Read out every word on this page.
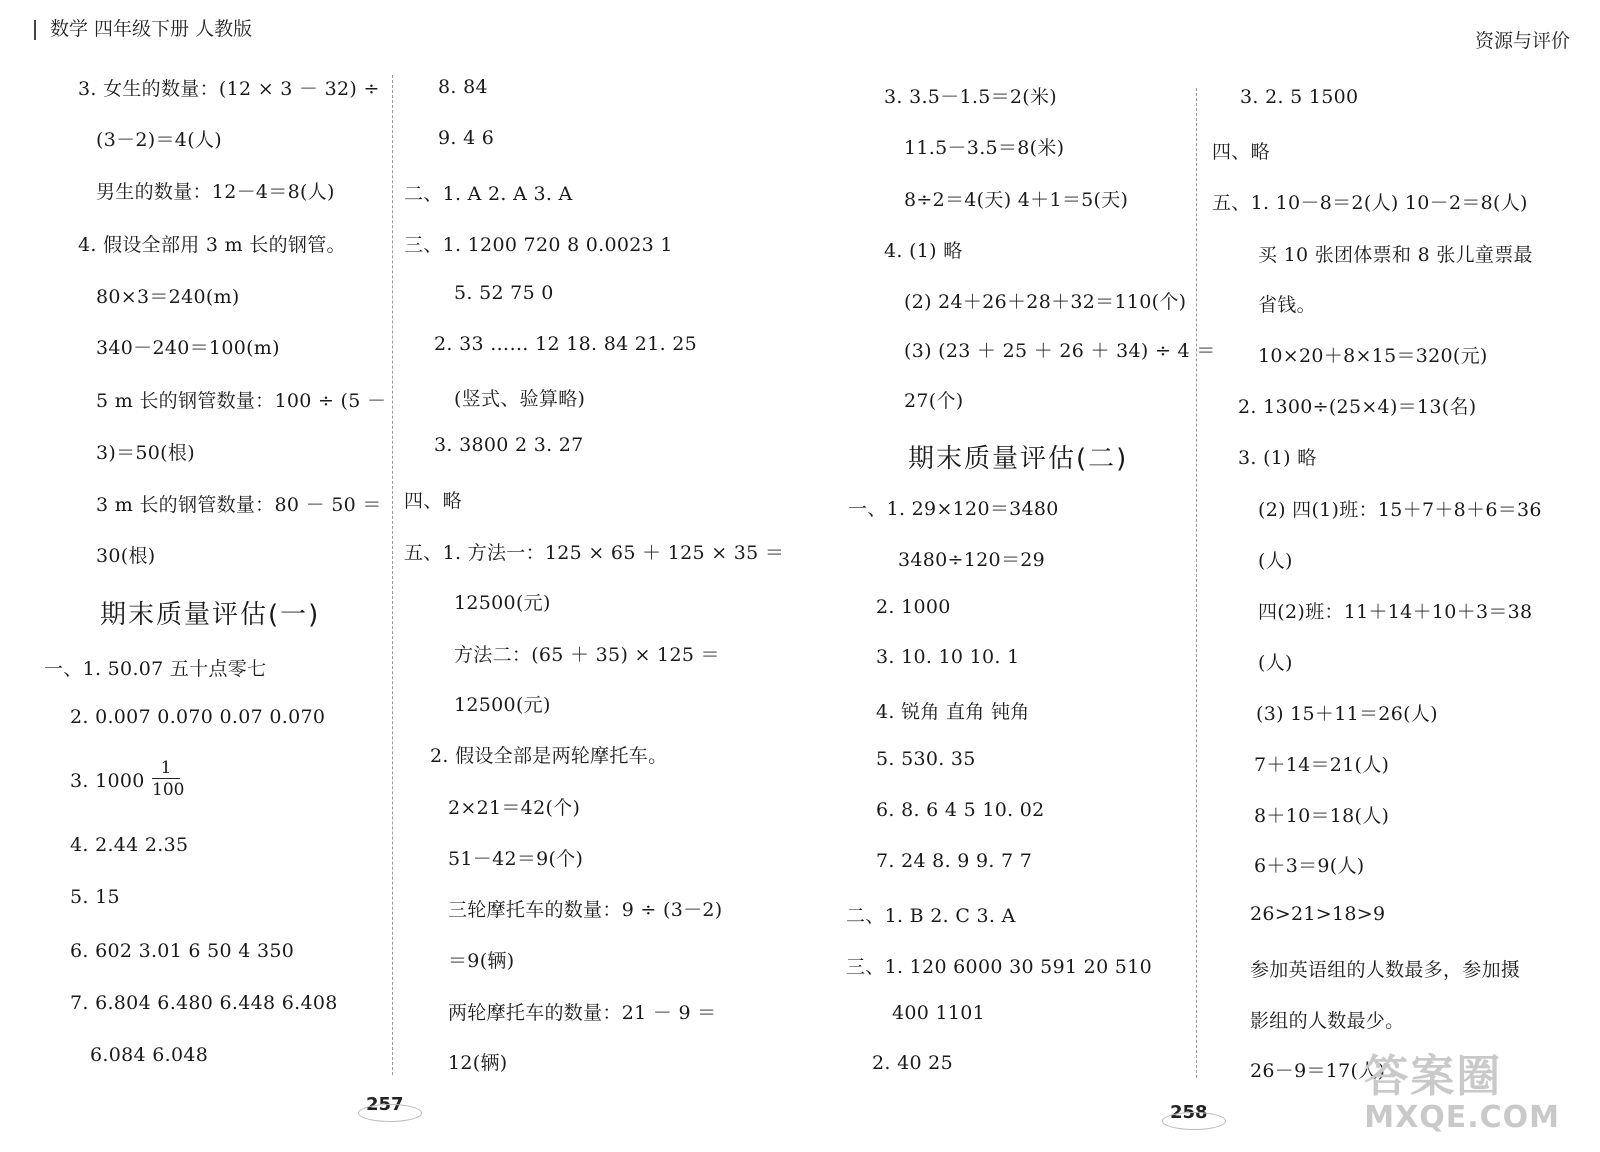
数学 四年级下册 人教版
资源与评价
3. 女生的数量：(12 × 3 － 32) ÷
(3－2)＝4(人)
男生的数量：12－4＝8(人)
4. 假设全部用 3 m 长的钢管。
80×3＝240(m)
340－240＝100(m)
5 m 长的钢管数量：100 ÷ (5 －
3)＝50(根)
3 m 长的钢管数量：80 － 50 ＝
30(根)
期末质量评估(一)
一、1. 50.07 五十点零七
2. 0.007 0.070 0.07 0.070
3. $1000 \frac{1}{100}$
4. 2.44 2.35
5. 15
6. 602 3.01 6 50 4 350
7. 6.804 6.480 6.448 6.408
6.084 6.048
8. 84
9. 4 6
二、1. A 2. A 3. A
三、1. 1200 720 8 0.0023 1
5. 52 75 0
2. 33 …… 12 18. 84 21. 25
(竖式、验算略)
3. 3800 2 3. 27
四、略
五、1. 方法一：125 × 65 ＋ 125 × 35 ＝
12500(元)
方法二：(65 ＋ 35) × 125 ＝
12500(元)
2. 假设全部是两轮摩托车。
2×21＝42(个)
51－42＝9(个)
三轮摩托车的数量：9 ÷ (3－2)
＝9(辆)
两轮摩托车的数量：21 － 9 ＝
12(辆)
3. 3.5－1.5＝2(米)
11.5－3.5＝8(米)
8÷2＝4(天) 4＋1＝5(天)
4. (1) 略
(2) 24＋26＋28＋32＝110(个)
(3) (23 ＋ 25 ＋ 26 ＋ 34) ÷ 4 ＝
27(个)
期末质量评估(二)
一、1. 29×120＝3480
3480÷120＝29
2. 1000
3. 10. 10 10. 1
4. 锐角 直角 钝角
5. 530. 35
6. 8. 6 4 5 10. 02
7. 24 8. 9 9. 7 7
二、1. B 2. C 3. A
三、1. 120 6000 30 591 20 510
400 1101
2. 40 25
3. 2. 5 1500
四、略
五、1. 10－8＝2(人) 10－2＝8(人)
买 10 张团体票和 8 张儿童票最
省钱。
10×20＋8×15＝320(元)
2. 1300÷(25×4)＝13(名)
3. (1) 略
(2) 四(1)班：15＋7＋8＋6＝36
(人)
四(2)班：11＋14＋10＋3＝38
(人)
(3) 15＋11＝26(人)
7＋14＝21(人)
8＋10＝18(人)
6＋3＝9(人)
26>21>18>9
参加英语组的人数最多，参加摄
影组的人数最少。
26－9＝17(人)
257	258
答案圈
MXQE.COM
